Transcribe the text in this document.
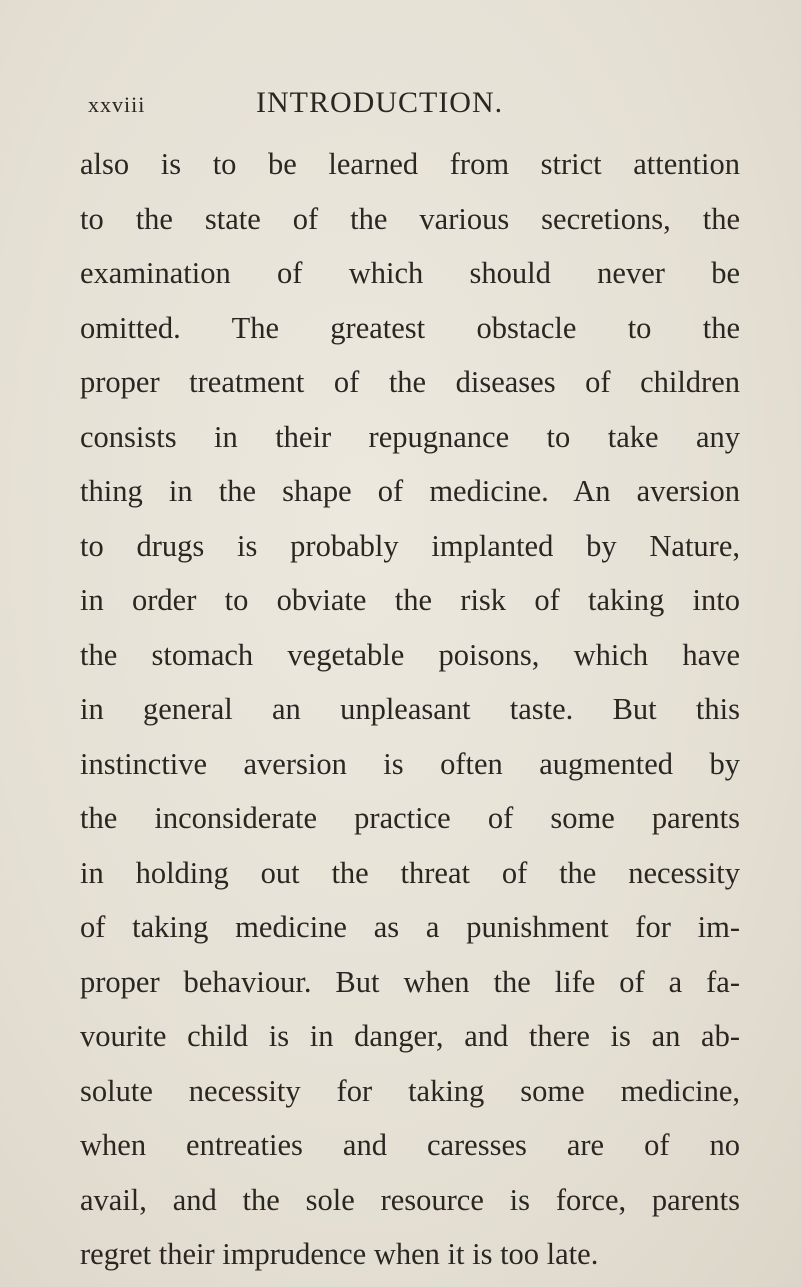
xxviii	INTRODUCTION.
also is to be learned from strict attention
to the state of the various secretions, the
examination of which should never be
omitted. The greatest obstacle to the
proper treatment of the diseases of children
consists in their repugnance to take any
thing in the shape of medicine. An aversion
to drugs is probably implanted by Nature,
in order to obviate the risk of taking into
the stomach vegetable poisons, which have
in general an unpleasant taste. But this
instinctive aversion is often augmented by
the inconsiderate practice of some parents
in holding out the threat of the necessity
of taking medicine as a punishment for im-
proper behaviour. But when the life of a fa-
vourite child is in danger, and there is an ab-
solute necessity for taking some medicine,
when entreaties and caresses are of no
avail, and the sole resource is force, parents
regret their imprudence when it is too late.
